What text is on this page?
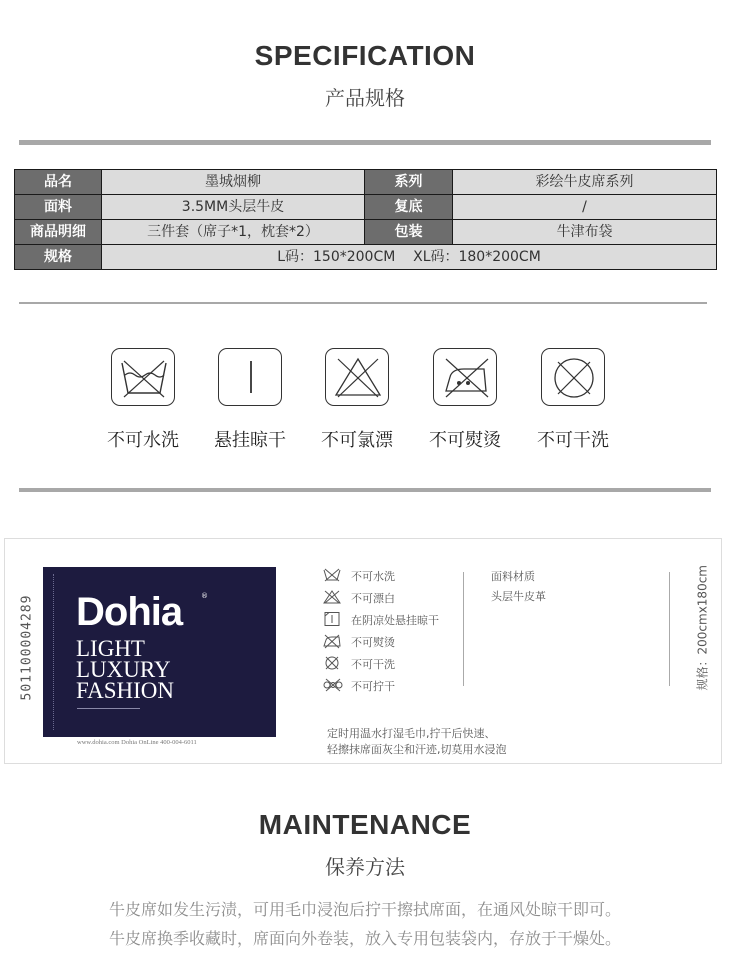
SPECIFICATION
产品规格
品名	墨城烟柳	系列	彩绘牛皮席系列
面料	3.5MM头层牛皮	复底	/
商品明细	三件套（席子*1，枕套*2）	包装	牛津布袋
规格	L码：150*200CM    XL码：180*200CM		
不可水洗	悬挂晾干	不可氯漂	不可熨烫	不可干洗
501100004289 Dohia	®
LIGHT
LUXURY
FASHION
www.dohia.com Dohia OnLine 400-004-6011
不可水洗
不可漂白
在阴凉处悬挂晾干
不可熨烫
不可干洗
不可拧干
面料材质
头层牛皮革	规格：200cmx180cm
定时用温水打湿毛巾,拧干后快速、
轻擦抹席面灰尘和汗迹,切莫用水浸泡
MAINTENANCE
保养方法
牛皮席如发生污渍，可用毛巾浸泡后拧干擦拭席面，在通风处晾干即可。
牛皮席换季收藏时，席面向外卷装，放入专用包装袋内，存放于干燥处。
